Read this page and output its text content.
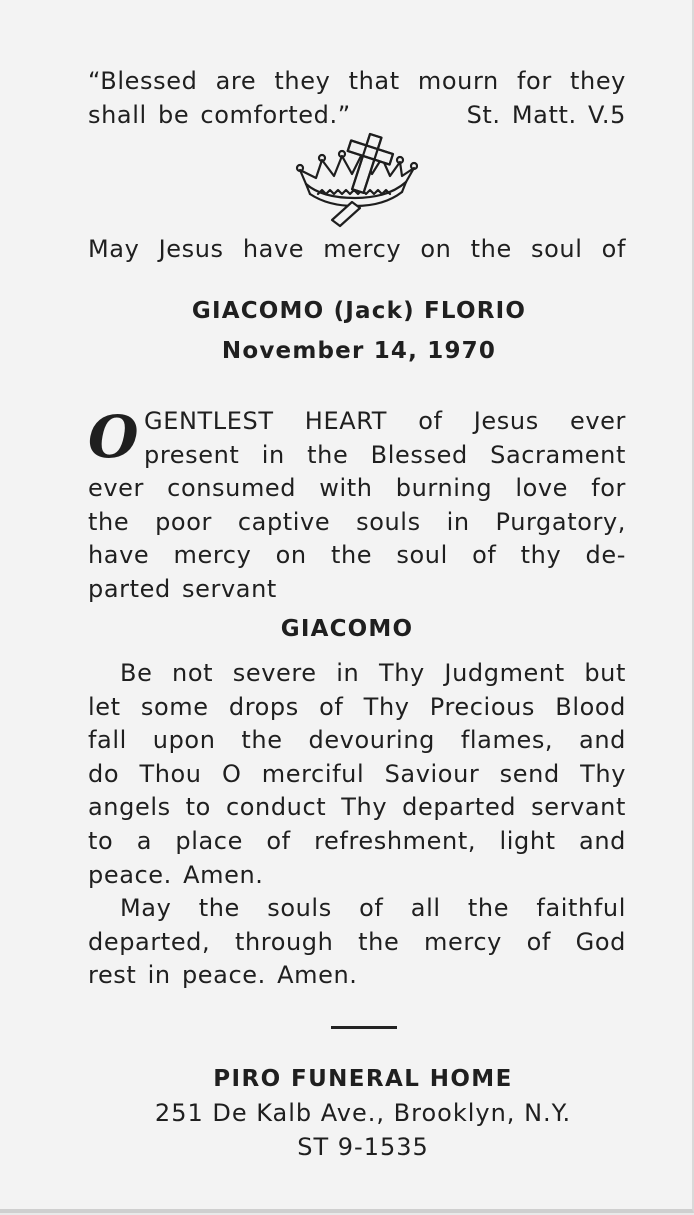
“Blessed are they that mourn for they
shall be comforted.”	St. Matt. V.5
May Jesus have mercy on the soul of
GIACOMO (Jack) FLORIO
November 14, 1970
O GENTLEST HEART of Jesus ever
present in the Blessed Sacrament
ever consumed with burning love for
the poor captive souls in Purgatory,
have mercy on the soul of thy de-
parted servant
GIACOMO
Be not severe in Thy Judgment but
let some drops of Thy Precious Blood
fall upon the devouring flames, and
do Thou O merciful Saviour send Thy
angels to conduct Thy departed servant
to a place of refreshment, light and
peace. Amen.
May the souls of all the faithful
departed, through the mercy of God
rest in peace. Amen.
PIRO FUNERAL HOME
251 De Kalb Ave., Brooklyn, N.Y.
ST 9-1535
